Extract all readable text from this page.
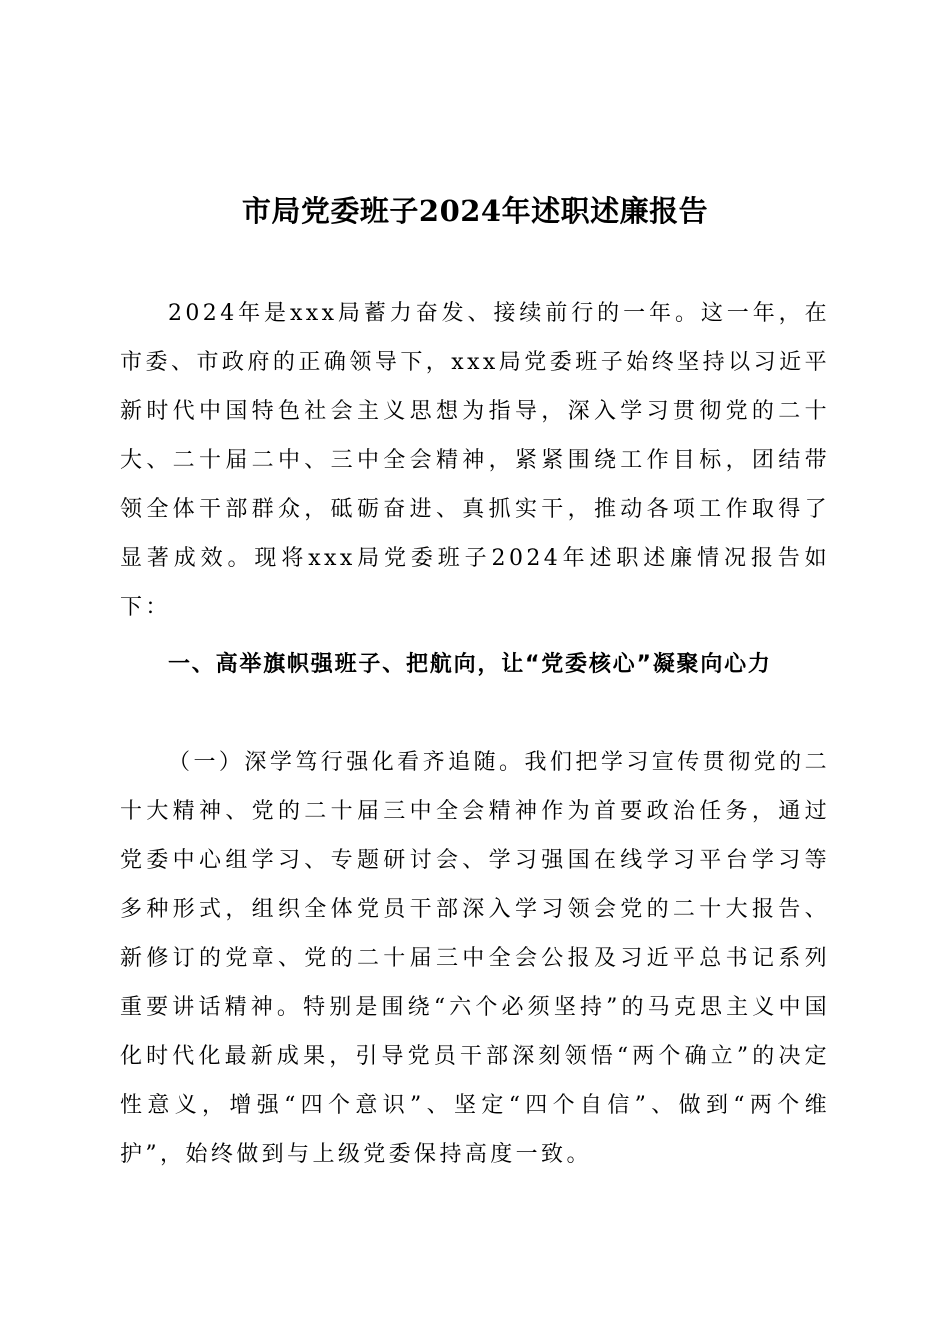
市局党委班子2024年述职述廉报告

2024年是xxx局蓄力奋发、接续前行的一年。这一年，在市委、市政府的正确领导下，xxx局党委班子始终坚持以习近平新时代中国特色社会主义思想为指导，深入学习贯彻党的二十大、二十届二中、三中全会精神，紧紧围绕工作目标，团结带领全体干部群众，砥砺奋进、真抓实干，推动各项工作取得了显著成效。现将xxx局党委班子2024年述职述廉情况报告如下：

一、高举旗帜强班子、把航向，让“党委核心”凝聚向心力

（一）深学笃行强化看齐追随。我们把学习宣传贯彻党的二十大精神、党的二十届三中全会精神作为首要政治任务，通过党委中心组学习、专题研讨会、学习强国在线学习平台学习等多种形式，组织全体党员干部深入学习领会党的二十大报告、新修订的党章、党的二十届三中全会公报及习近平总书记系列重要讲话精神。特别是围绕“六个必须坚持”的马克思主义中国化时代化最新成果，引导党员干部深刻领悟“两个确立”的决定性意义，增强“四个意识”、坚定“四个自信”、做到“两个维护”，始终做到与上级党委保持高度一致。
